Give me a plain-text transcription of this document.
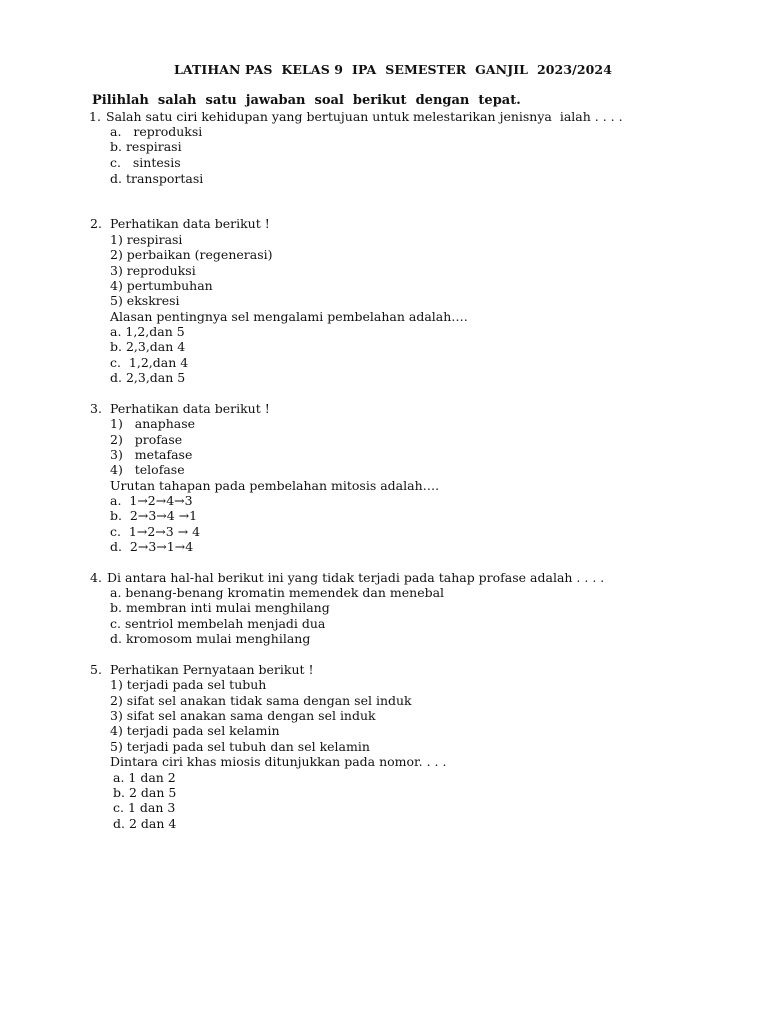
LATIHAN PAS  KELAS 9  IPA  SEMESTER  GANJIL  2023/2024
Pilihlah  salah  satu  jawaban  soal  berikut  dengan  tepat.
1. Salah satu ciri kehidupan yang bertujuan untuk melestarikan jenisnya  ialah . . . .
a.   reproduksi
b. respirasi
c.   sintesis
d. transportasi
2. Perhatikan data berikut !
1) respirasi
2) perbaikan (regenerasi)
3) reproduksi
4) pertumbuhan
5) ekskresi
Alasan pentingnya sel mengalami pembelahan adalah….
a. 1,2,dan 5
b. 2,3,dan 4
c.  1,2,dan 4
d. 2,3,dan 5
3. Perhatikan data berikut !
1)   anaphase
2)   profase
3)   metafase
4)   telofase
Urutan tahapan pada pembelahan mitosis adalah….
a.  1→2→4→3
b.  2→3→4 →1
c.  1→2→3 → 4
d.  2→3→1→4
4. Di antara hal-hal berikut ini yang tidak terjadi pada tahap profase adalah . . . .
a. benang-benang kromatin memendek dan menebal
b. membran inti mulai menghilang
c. sentriol membelah menjadi dua
d. kromosom mulai menghilang
5. Perhatikan Pernyataan berikut !
1) terjadi pada sel tubuh
2) sifat sel anakan tidak sama dengan sel induk
3) sifat sel anakan sama dengan sel induk
4) terjadi pada sel kelamin
5) terjadi pada sel tubuh dan sel kelamin
Dintara ciri khas miosis ditunjukkan pada nomor. . . .
a. 1 dan 2
b. 2 dan 5
c. 1 dan 3
d. 2 dan 4
